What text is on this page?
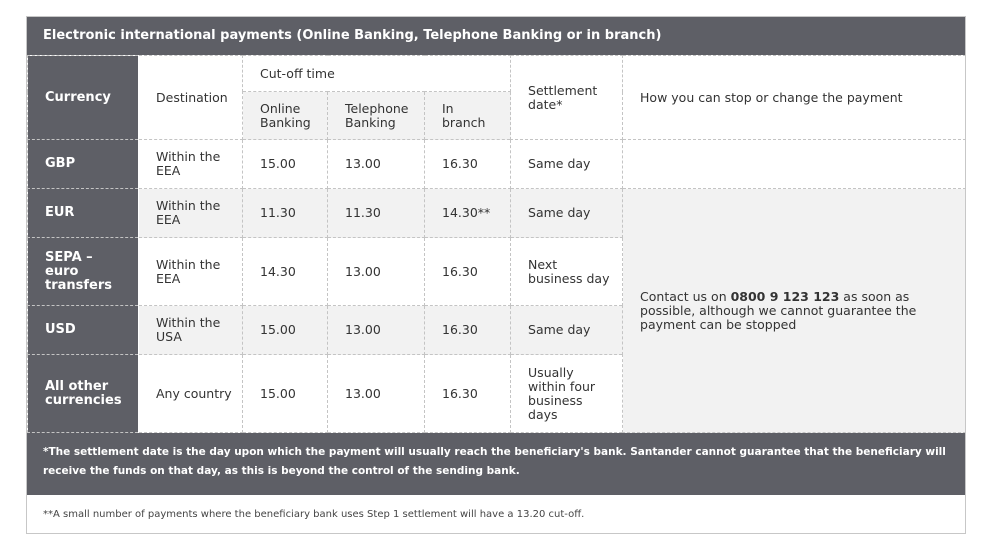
Electronic international payments (Online Banking, Telephone Banking or in branch)
Currency	Destination	Cut-off time			Settlement date*	How you can stop or change the payment
		Online Banking	Telephone Banking	In branch		
GBP	Within the EEA	15.00	13.00	16.30	Same day	
EUR	Within the EEA	11.30	11.30	14.30**	Same day	Contact us on 0800 9 123 123 as soon as possible, although we cannot guarantee the payment can be stopped
SEPA – euro transfers	Within the EEA	14.30	13.00	16.30	Next business day	
USD	Within the USA	15.00	13.00	16.30	Same day	
All other currencies	Any country	15.00	13.00	16.30	Usually within four business days	
*The settlement date is the day upon which the payment will usually reach the beneficiary's bank. Santander cannot guarantee that the beneficiary will receive the funds on that day, as this is beyond the control of the sending bank.
**A small number of payments where the beneficiary bank uses Step 1 settlement will have a 13.20 cut-off.
